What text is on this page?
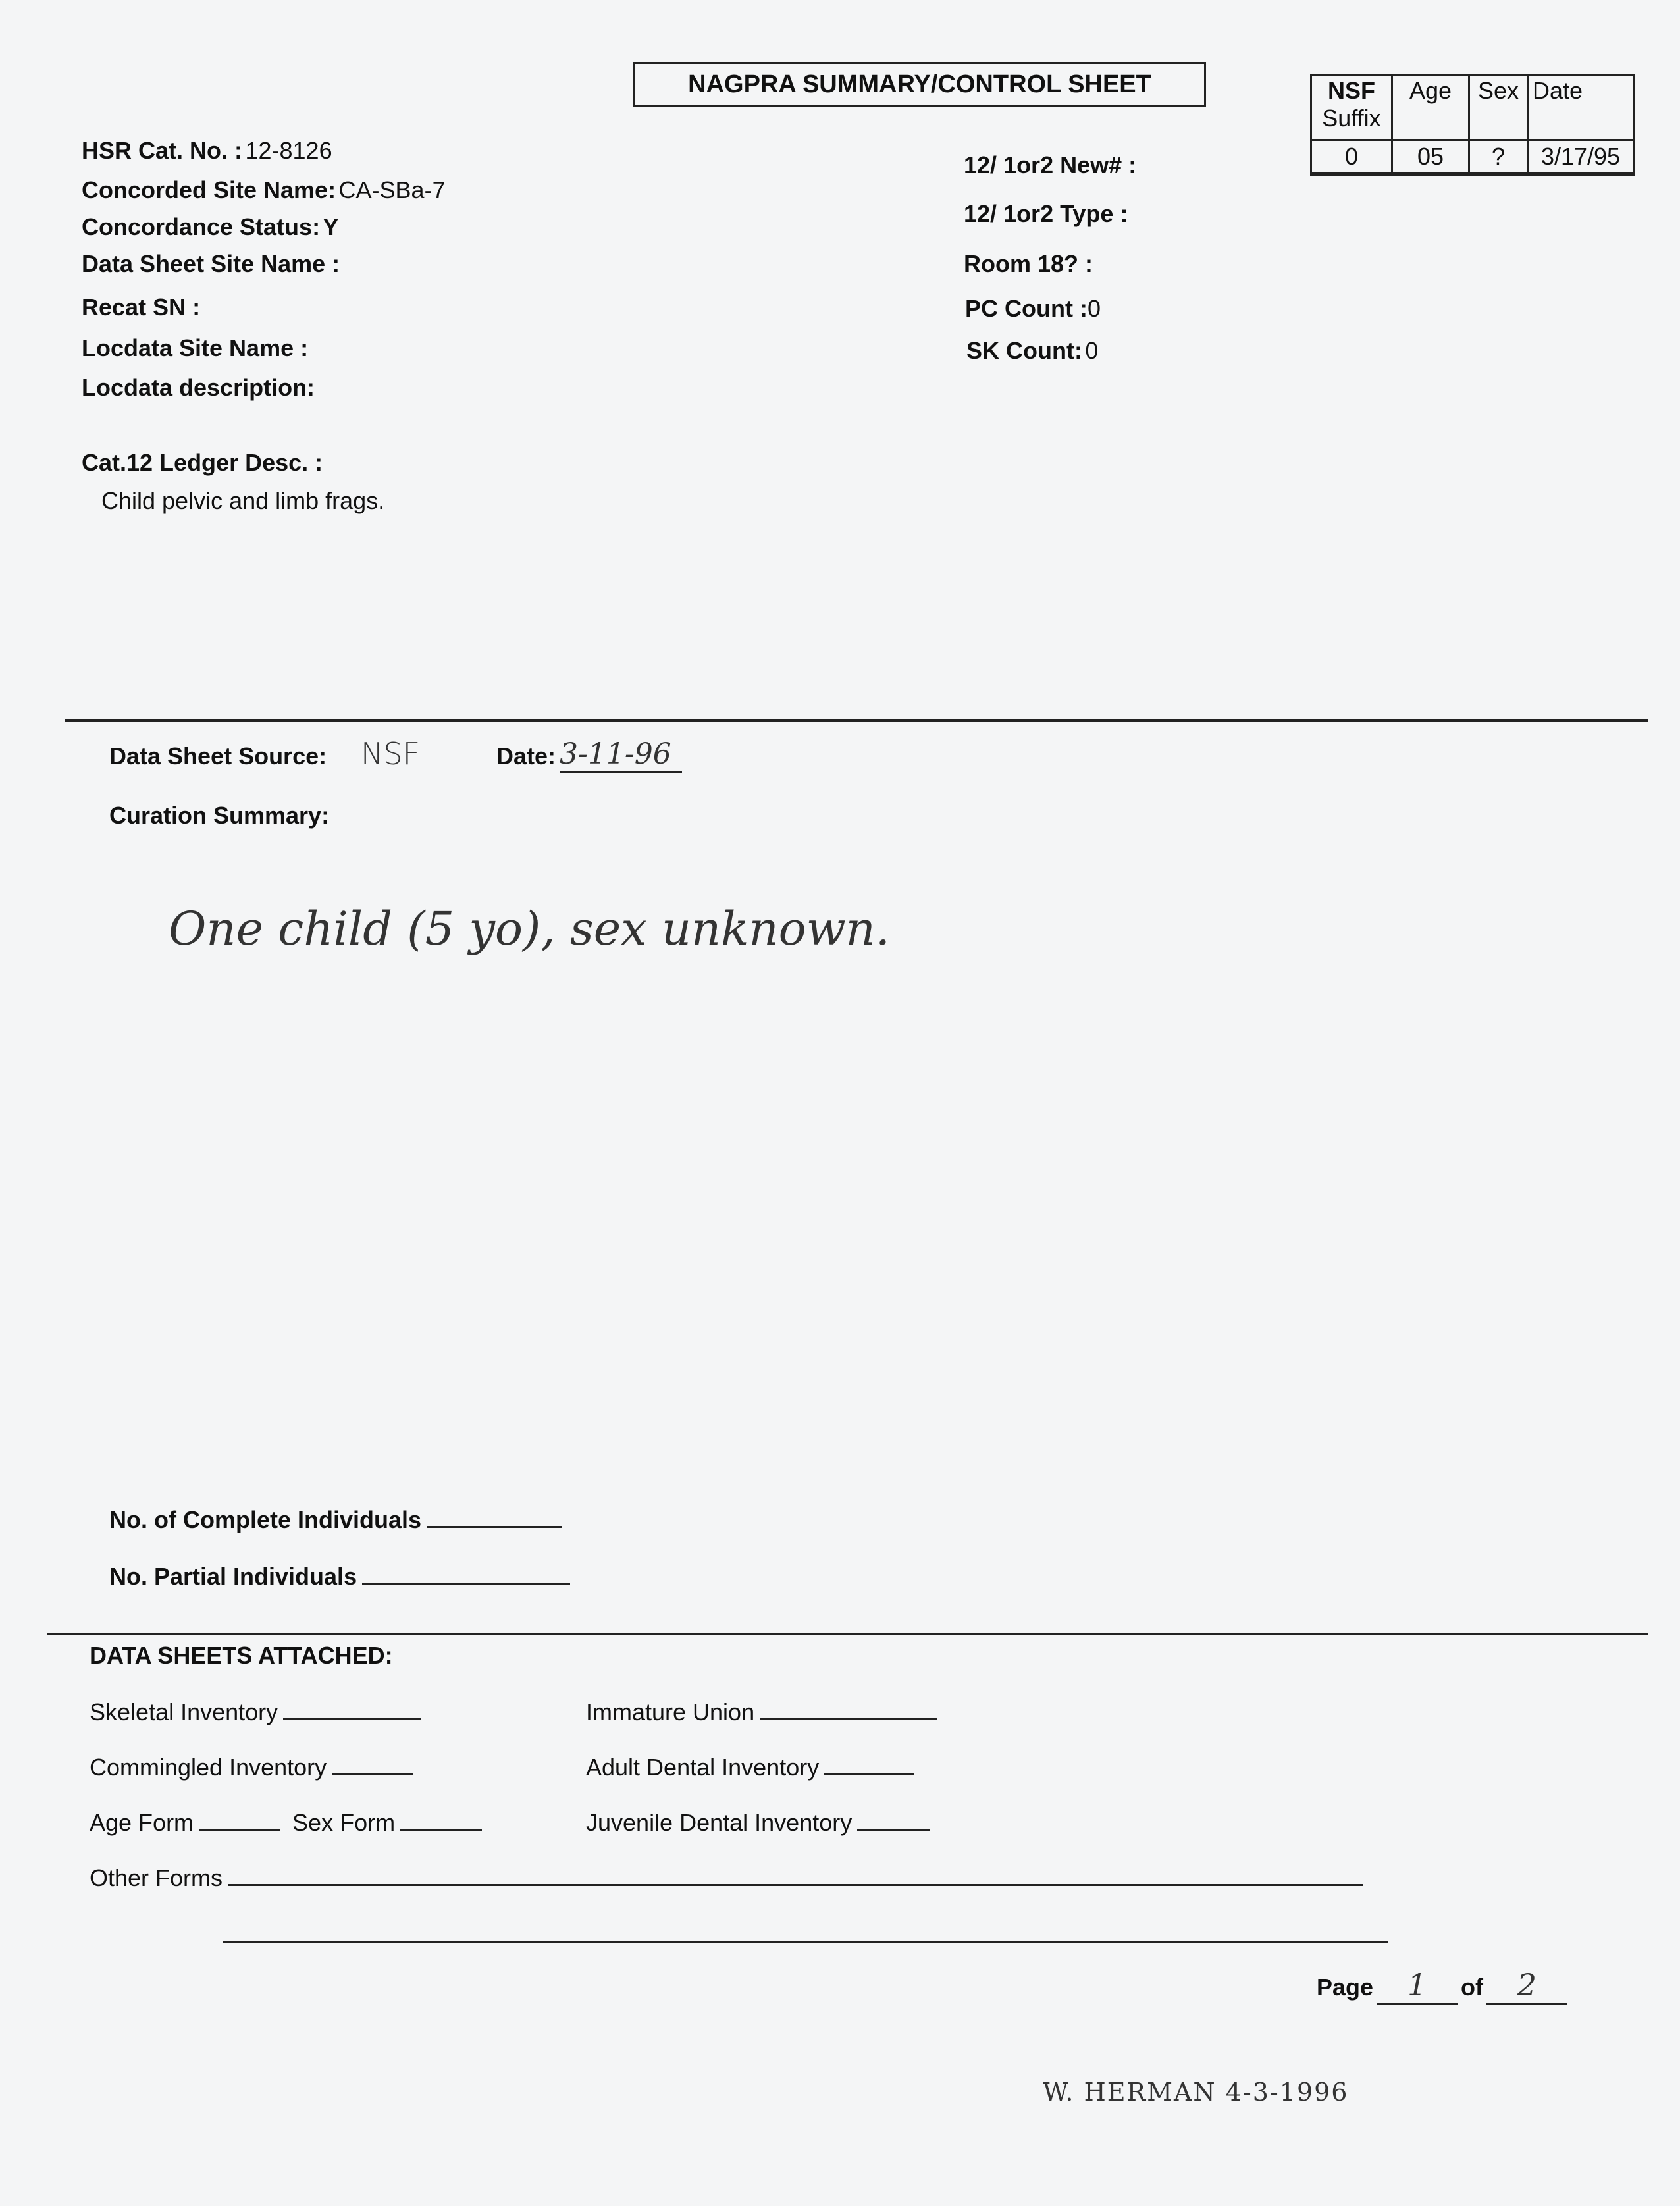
NAGPRA SUMMARY/CONTROL SHEET	NSF
Suffix	Age	Sex	Date
0	05	?	3/17/95
HSR Cat. No. : 12-8126
Concorded Site Name: CA-SBa-7
Concordance Status: Y
Data Sheet Site Name :
Recat SN :
Locdata Site Name :
Locdata description:
12/ 1or2 New# :
12/ 1or2 Type :
Room 18? :
PC Count :0
SK Count: 0
Cat.12 Ledger Desc. :
Child pelvic and limb frags.
Data Sheet Source: NSF	Date: 3-11-96
Curation Summary:
One child (5 yo), sex unknown.
No. of Complete Individuals
No. Partial Individuals
DATA SHEETS ATTACHED:
Skeletal Inventory	Immature Union
Commingled Inventory	Adult Dental Inventory
Age Form	Sex Form	Juvenile Dental Inventory
Other Forms
Page 1 of 2
W. HERMAN 4-3-1996
